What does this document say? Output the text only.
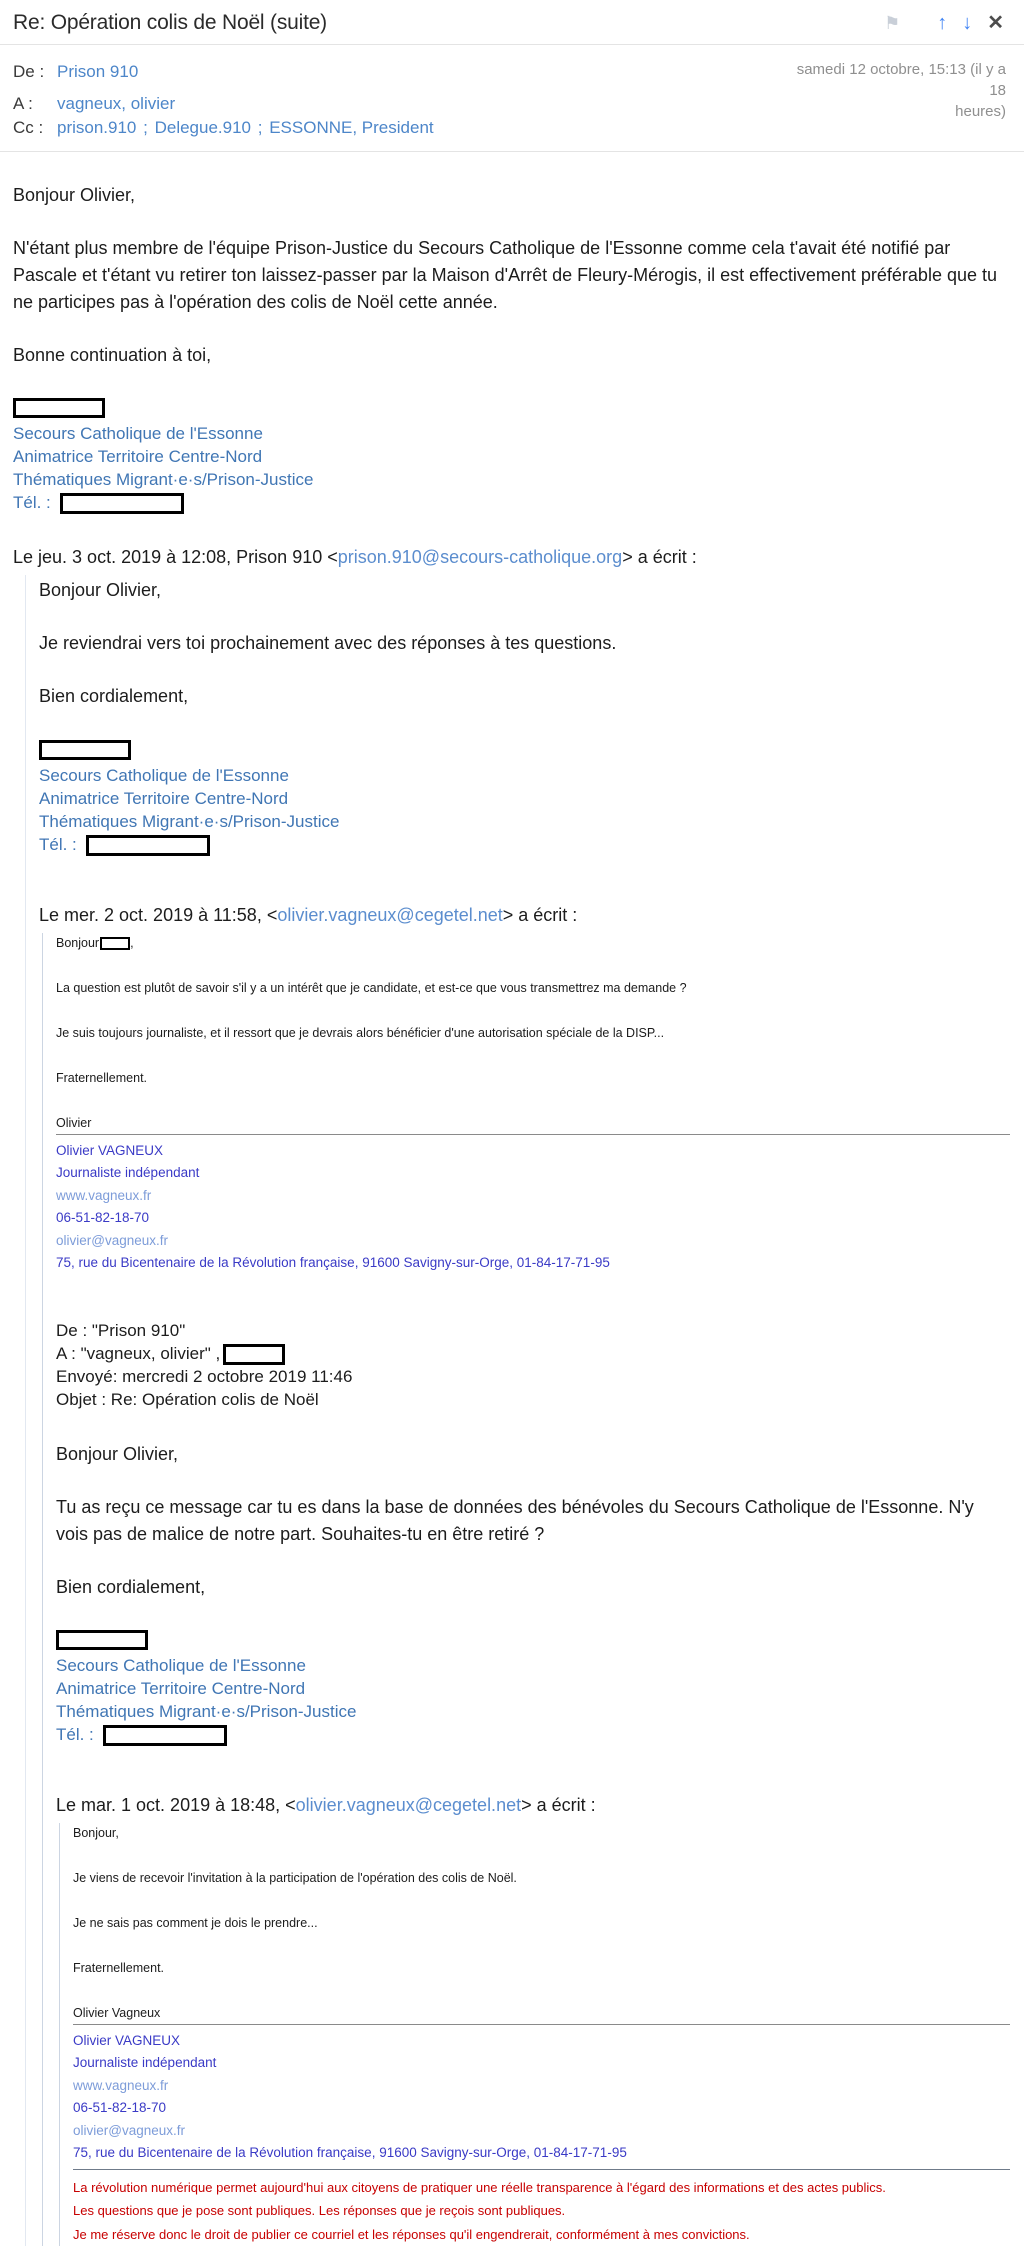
Re: Opération colis de Noël (suite)	⚑ ↑ ↓ ✕
De : Prison 910
A :	vagneux, olivier
Cc : prison.910 ; Delegue.910 ; ESSONNE, President
samedi 12 octobre, 15:13 (il y a 18
heures)

Bonjour Olivier,

N'étant plus membre de l'équipe Prison-Justice du Secours Catholique de l'Essonne comme cela t'avait été notifié par Pascale et t'étant vu retirer ton laissez-passer par la Maison d'Arrêt de Fleury-Mérogis, il est effectivement préférable que tu ne participes pas à l'opération des colis de Noël cette année.

Bonne continuation à toi,

Secours Catholique de l'Essonne
Animatrice Territoire Centre-Nord
Thématiques Migrant·e·s/Prison-Justice
Tél. :
Le jeu. 3 oct. 2019 à 12:08, Prison 910 <prison.910@secours-catholique.org> a écrit :

Bonjour Olivier,

Je reviendrai vers toi prochainement avec des réponses à tes questions.

Bien cordialement,

Secours Catholique de l'Essonne
Animatrice Territoire Centre-Nord
Thématiques Migrant·e·s/Prison-Justice
Tél. :
Le mer. 2 oct. 2019 à 11:58, <olivier.vagneux@cegetel.net> a écrit :

Bonjour ,

La question est plutôt de savoir s'il y a un intérêt que je candidate, et est-ce que vous transmettrez ma demande ?

Je suis toujours journaliste, et il ressort que je devrais alors bénéficier d'une autorisation spéciale de la DISP...

Fraternellement.

Olivier

Olivier VAGNEUX
Journaliste indépendant
www.vagneux.fr
06-51-82-18-70
olivier@vagneux.fr
75, rue du Bicentenaire de la Révolution française, 91600 Savigny-sur-Orge, 01-84-17-71-95
De : "Prison 910"
A : "vagneux, olivier" ,
Envoyé: mercredi 2 octobre 2019 11:46
Objet : Re: Opération colis de Noël

Bonjour Olivier,

Tu as reçu ce message car tu es dans la base de données des bénévoles du Secours Catholique de l'Essonne. N'y vois pas de malice de notre part. Souhaites-tu en être retiré ?

Bien cordialement,

Secours Catholique de l'Essonne
Animatrice Territoire Centre-Nord
Thématiques Migrant·e·s/Prison-Justice
Tél. :
Le mar. 1 oct. 2019 à 18:48, <olivier.vagneux@cegetel.net> a écrit :

Bonjour,

Je viens de recevoir l'invitation à la participation de l'opération des colis de Noël.

Je ne sais pas comment je dois le prendre...

Fraternellement.

Olivier Vagneux

Olivier VAGNEUX
Journaliste indépendant
www.vagneux.fr
06-51-82-18-70
olivier@vagneux.fr
75, rue du Bicentenaire de la Révolution française, 91600 Savigny-sur-Orge, 01-84-17-71-95
La révolution numérique permet aujourd'hui aux citoyens de pratiquer une réelle transparence à l'égard des informations et des actes publics.
Les questions que je pose sont publiques. Les réponses que je reçois sont publiques.
Je me réserve donc le droit de publier ce courriel et les réponses qu'il engendrerait, conformément à mes convictions.
